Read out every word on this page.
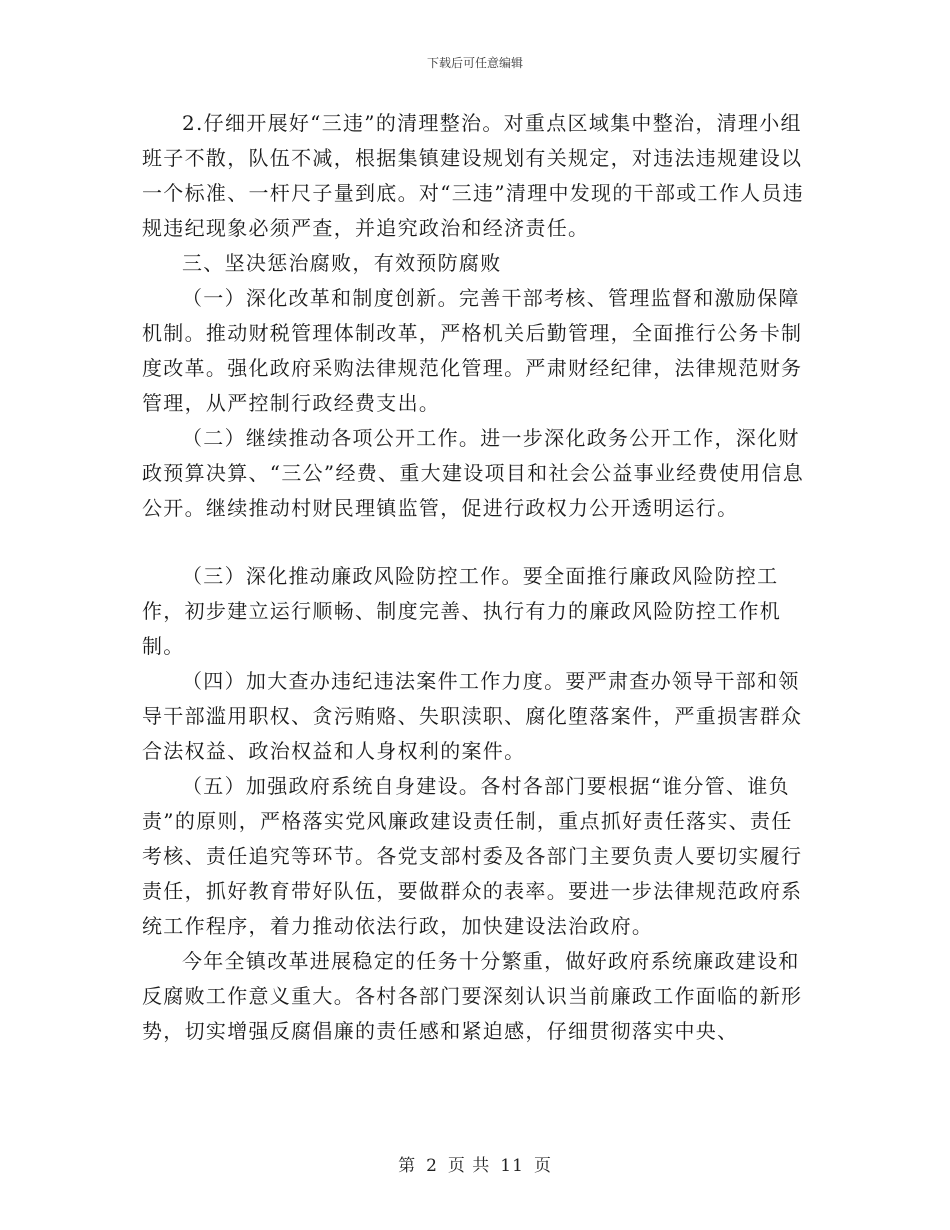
下载后可任意编辑

2.仔细开展好“三违”的清理整治。对重点区域集中整治，清理小组班子不散，队伍不减，根据集镇建设规划有关规定，对违法违规建设以一个标准、一杆尺子量到底。对“三违”清理中发现的干部或工作人员违规违纪现象必须严查，并追究政治和经济责任。

三、坚决惩治腐败，有效预防腐败

（一）深化改革和制度创新。完善干部考核、管理监督和激励保障机制。推动财税管理体制改革，严格机关后勤管理，全面推行公务卡制度改革。强化政府采购法律规范化管理。严肃财经纪律，法律规范财务管理，从严控制行政经费支出。

（二）继续推动各项公开工作。进一步深化政务公开工作，深化财政预算决算、“三公”经费、重大建设项目和社会公益事业经费使用信息公开。继续推动村财民理镇监管，促进行政权力公开透明运行。

（三）深化推动廉政风险防控工作。要全面推行廉政风险防控工作，初步建立运行顺畅、制度完善、执行有力的廉政风险防控工作机制。

（四）加大查办违纪违法案件工作力度。要严肃查办领导干部和领导干部滥用职权、贪污贿赂、失职渎职、腐化堕落案件，严重损害群众合法权益、政治权益和人身权利的案件。

（五）加强政府系统自身建设。各村各部门要根据“谁分管、谁负责”的原则，严格落实党风廉政建设责任制，重点抓好责任落实、责任考核、责任追究等环节。各党支部村委及各部门主要负责人要切实履行责任，抓好教育带好队伍，要做群众的表率。要进一步法律规范政府系统工作程序，着力推动依法行政，加快建设法治政府。

今年全镇改革进展稳定的任务十分繁重，做好政府系统廉政建设和反腐败工作意义重大。各村各部门要深刻认识当前廉政工作面临的新形势，切实增强反腐倡廉的责任感和紧迫感，仔细贯彻落实中央、

第 2 页 共 11 页
